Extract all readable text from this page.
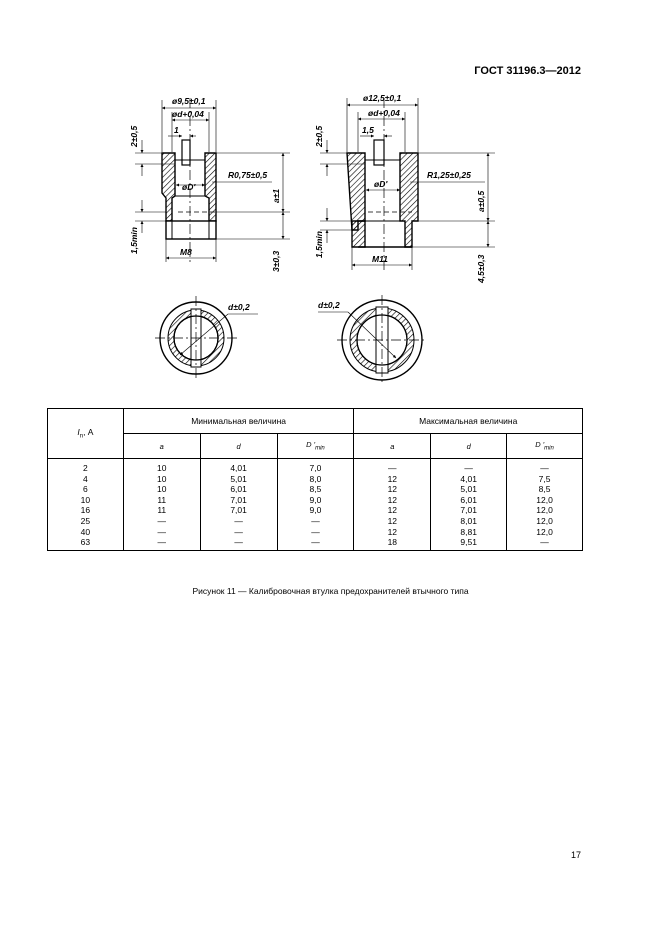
ГОСТ 31196.3—2012
ø9,5±0,1
ød+0,04
1
R0,75±0,5
øD'
M8
2±0,5
1,5min
a±1
3±0,3
ø12,5±0,1
ød+0,04
1,5
R1,25±0,25
øD'
M11
2±0,5
1,5min
a±0,5
4,5±0,3
d±0,2	d±0,2
$I_n$, А	Минимальная величина			Максимальная величина		
	a	d	D '$_{min}$	a	d	D '$_{min}$
2	10	4,01	7,0	—	—	—
4	10	5,01	8,0	12	4,01	7,5
6	10	6,01	8,5	12	5,01	8,5
10	11	7,01	9,0	12	6,01	12,0
16	11	7,01	9,0	12	7,01	12,0
25	—	—	—	12	8,01	12,0
40	—	—	—	12	8,81	12,0
63	—	—	—	18	9,51	—
Рисунок 11 — Калибровочная втулка предохранителей втычного типа
17
